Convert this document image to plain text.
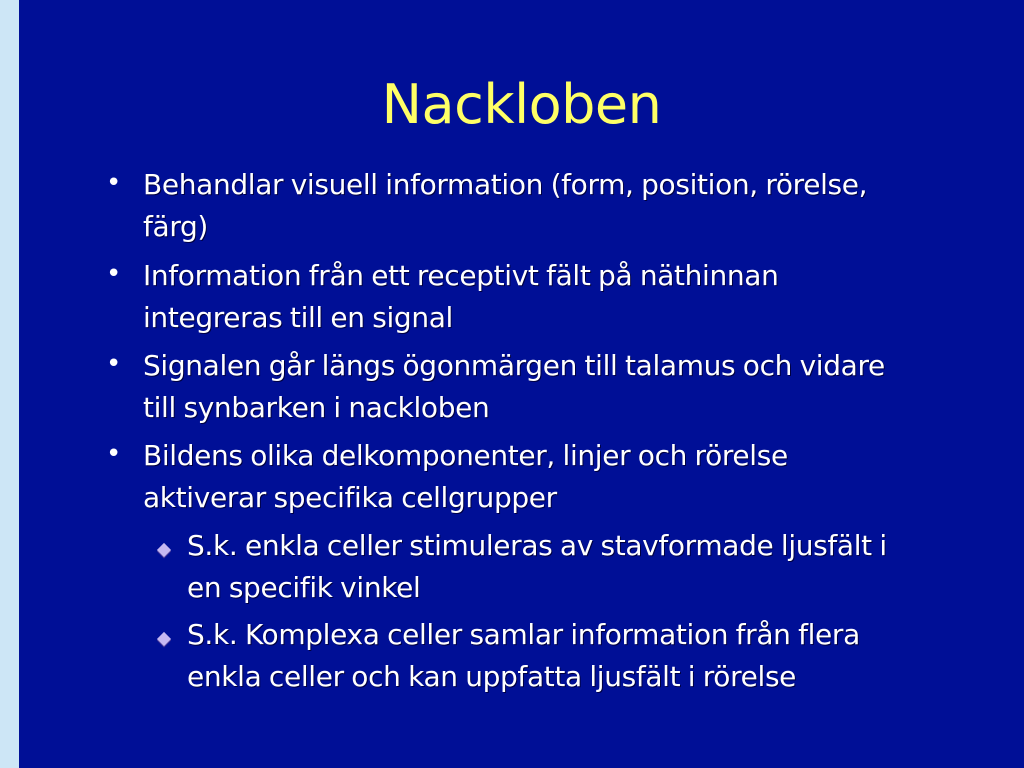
Nackloben
• Behandlar visuell information (form, position, rörelse,
färg)
• Information från ett receptivt fält på näthinnan
integreras till en signal
• Signalen går längs ögonmärgen till talamus och vidare
till synbarken i nackloben
• Bildens olika delkomponenter, linjer och rörelse
aktiverar specifika cellgrupper
S.k. enkla celler stimuleras av stavformade ljusfält i
en specifik vinkel
S.k. Komplexa celler samlar information från flera
enkla celler och kan uppfatta ljusfält i rörelse
